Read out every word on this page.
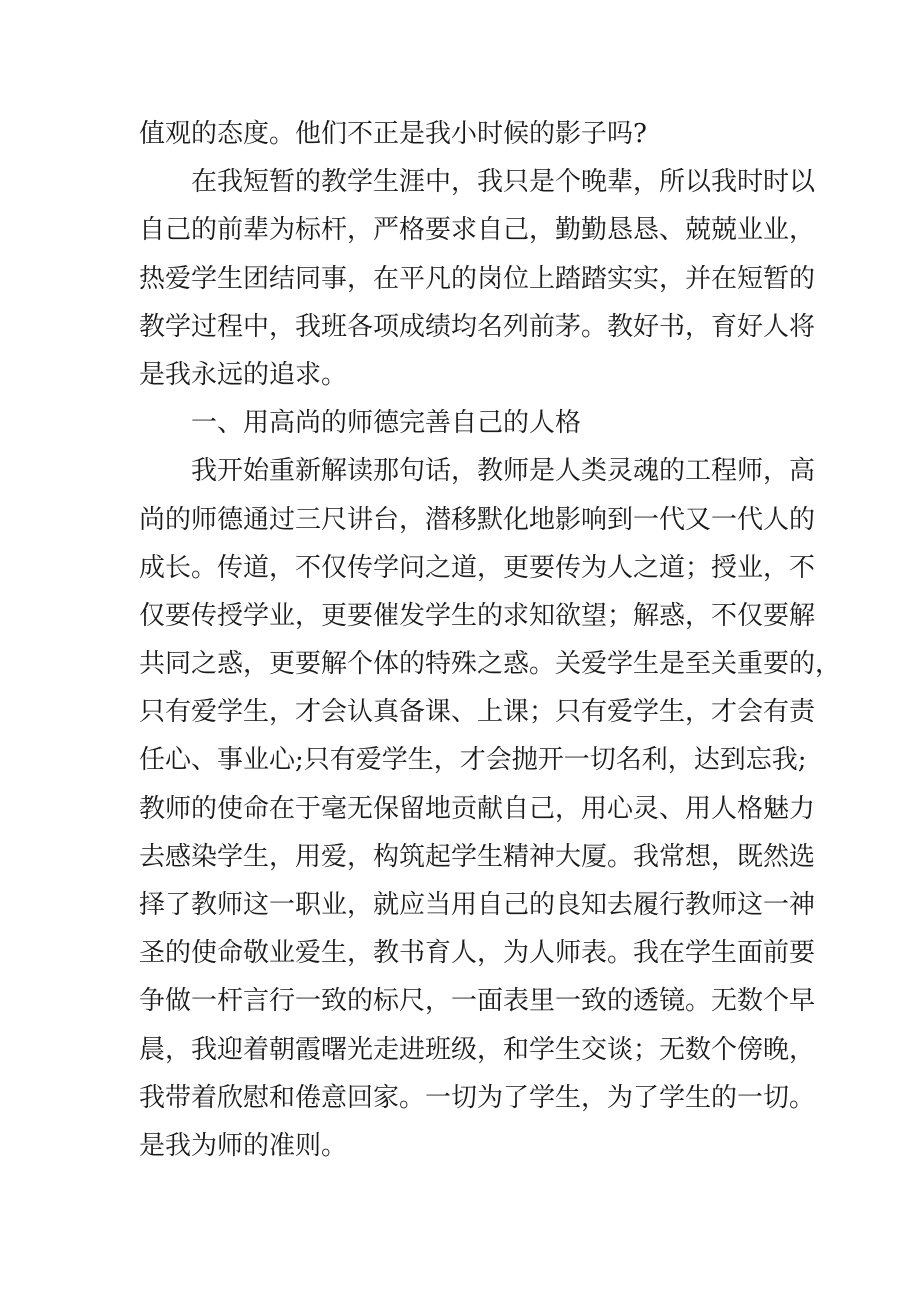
值观的态度。他们不正是我小时候的影子吗?
在我短暂的教学生涯中，我只是个晚辈，所以我时时以
自己的前辈为标杆，严格要求自己，勤勤恳恳、兢兢业业，
热爱学生团结同事，在平凡的岗位上踏踏实实，并在短暂的
教学过程中，我班各项成绩均名列前茅。教好书，育好人将
是我永远的追求。
一、用高尚的师德完善自己的人格
我开始重新解读那句话，教师是人类灵魂的工程师，高
尚的师德通过三尺讲台，潜移默化地影响到一代又一代人的
成长。传道，不仅传学问之道，更要传为人之道；授业，不
仅要传授学业，更要催发学生的求知欲望；解惑，不仅要解
共同之惑，更要解个体的特殊之惑。关爱学生是至关重要的，
只有爱学生，才会认真备课、上课；只有爱学生，才会有责
任心、事业心;只有爱学生，才会抛开一切名利，达到忘我;
教师的使命在于毫无保留地贡献自己，用心灵、用人格魅力
去感染学生，用爱，构筑起学生精神大厦。我常想，既然选
择了教师这一职业，就应当用自己的良知去履行教师这一神
圣的使命敬业爱生，教书育人，为人师表。我在学生面前要
争做一杆言行一致的标尺，一面表里一致的透镜。无数个早
晨，我迎着朝霞曙光走进班级，和学生交谈；无数个傍晚，
我带着欣慰和倦意回家。一切为了学生，为了学生的一切。
是我为师的准则。
